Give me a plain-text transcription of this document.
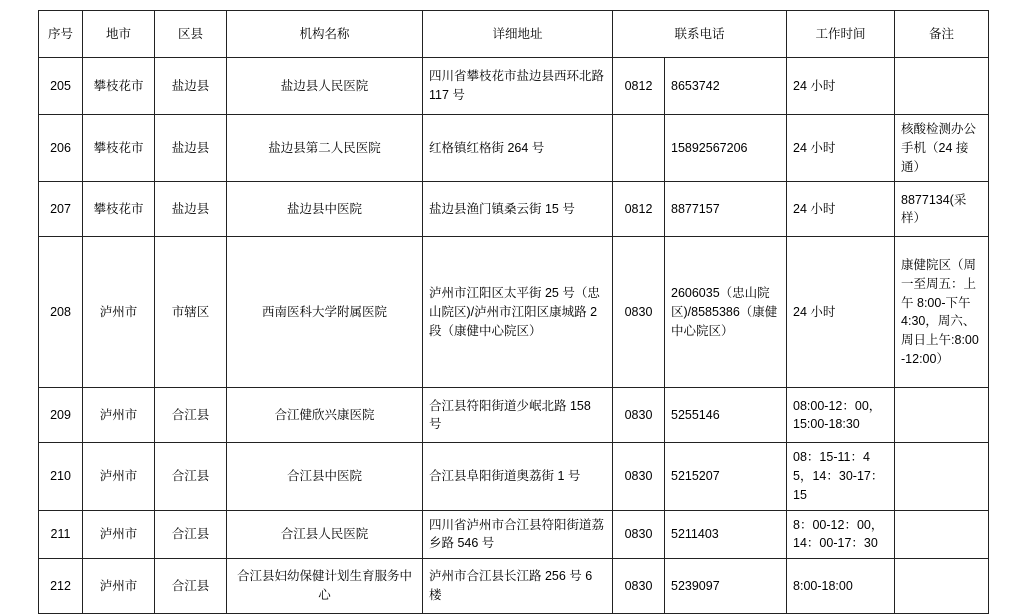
序号	地市	区县	机构名称	详细地址	联系电话		工作时间	备注
205	攀枝花市	盐边县	盐边县人民医院	四川省攀枝花市盐边县西环北路 117 号	0812	8653742	24 小时	
206	攀枝花市	盐边县	盐边县第二人民医院	红格镇红格街 264 号		15892567206	24 小时	核酸检测办公手机（24 接通）
207	攀枝花市	盐边县	盐边县中医院	盐边县渔门镇桑云街 15 号	0812	8877157	24 小时	8877134(采样）
208	泸州市	市辖区	西南医科大学附属医院	泸州市江阳区太平街 25 号（忠山院区)/泸州市江阳区康城路 2 段（康健中心院区）	0830	2606035（忠山院区)/8585386（康健中心院区）	24 小时	康健院区（周一至周五：上午 8:00-下午 4:30，周六、周日上午:8:00-12:00）
209	泸州市	合江县	合江健欣兴康医院	合江县符阳街道少岷北路 158 号	0830	5255146	08:00-12：00，15:00-18:30	
210	泸州市	合江县	合江县中医院	合江县阜阳街道奥荔街 1 号	0830	5215207	08：15-11：45，14：30-17：15	
211	泸州市	合江县	合江县人民医院	四川省泸州市合江县符阳街道荔乡路 546 号	0830	5211403	8：00-12：00，14：00-17：30	
212	泸州市	合江县	合江县妇幼保健计划生育服务中心	泸州市合江县长江路 256 号 6 楼	0830	5239097	8:00-18:00	
